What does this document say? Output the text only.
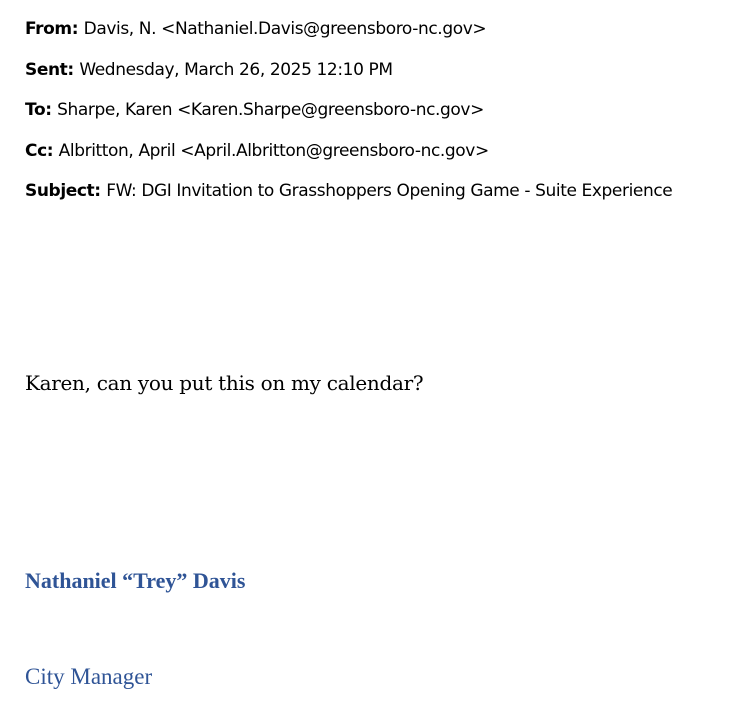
From: Davis, N. <Nathaniel.Davis@greensboro-nc.gov>
Sent: Wednesday, March 26, 2025 12:10 PM
To: Sharpe, Karen <Karen.Sharpe@greensboro-nc.gov>
Cc: Albritton, April <April.Albritton@greensboro-nc.gov>
Subject: FW: DGI Invitation to Grasshoppers Opening Game - Suite Experience
Karen, can you put this on my calendar?
Nathaniel “Trey” Davis
City Manager
